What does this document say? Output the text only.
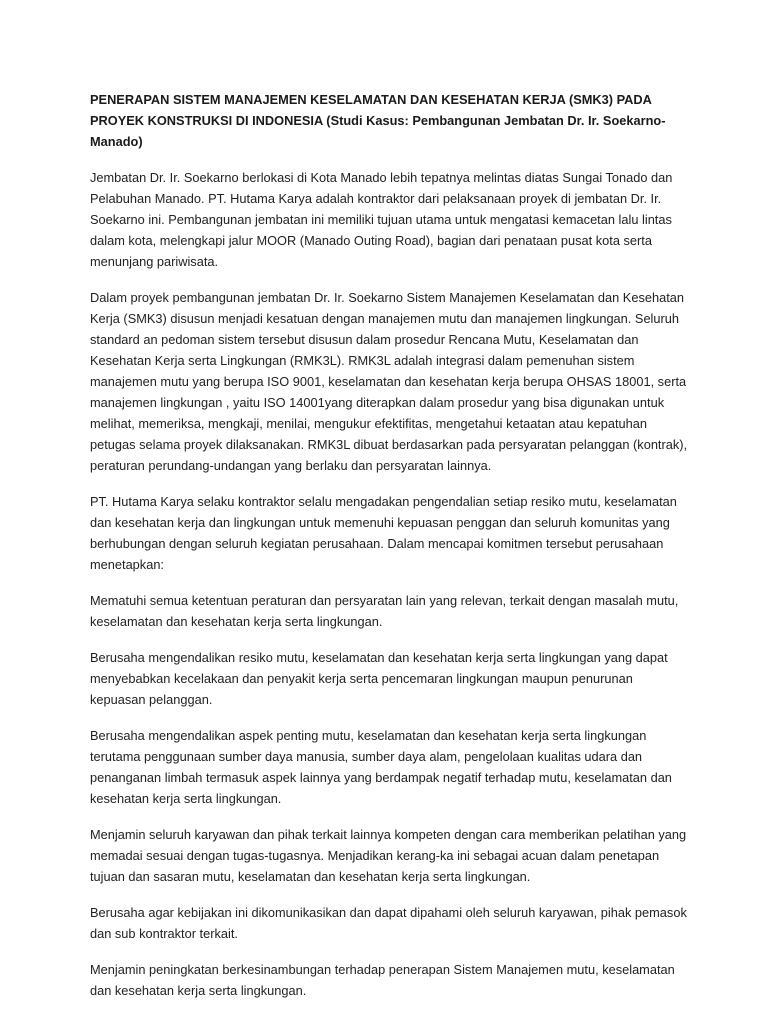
PENERAPAN SISTEM MANAJEMEN KESELAMATAN DAN KESEHATAN KERJA (SMK3) PADA PROYEK KONSTRUKSI DI INDONESIA (Studi Kasus: Pembangunan Jembatan Dr. Ir. Soekarno-Manado)

Jembatan Dr. Ir. Soekarno berlokasi di Kota Manado lebih tepatnya melintas diatas Sungai Tonado dan Pelabuhan Manado. PT. Hutama Karya adalah kontraktor dari pelaksanaan proyek di jembatan Dr. Ir. Soekarno ini. Pembangunan jembatan ini memiliki tujuan utama untuk mengatasi kemacetan lalu lintas dalam kota, melengkapi jalur MOOR (Manado Outing Road), bagian dari penataan pusat kota serta menunjang pariwisata.

Dalam proyek pembangunan jembatan Dr. Ir. Soekarno Sistem Manajemen Keselamatan dan Kesehatan Kerja (SMK3) disusun menjadi kesatuan dengan manajemen mutu dan manajemen lingkungan. Seluruh standard an pedoman sistem tersebut disusun dalam prosedur Rencana Mutu, Keselamatan dan Kesehatan Kerja serta Lingkungan (RMK3L). RMK3L adalah integrasi dalam pemenuhan sistem manajemen mutu yang berupa ISO 9001, keselamatan dan kesehatan kerja berupa OHSAS 18001, serta manajemen lingkungan , yaitu ISO 14001yang diterapkan dalam prosedur yang bisa digunakan untuk melihat, memeriksa, mengkaji, menilai, mengukur efektifitas, mengetahui ketaatan atau kepatuhan petugas selama proyek dilaksanakan. RMK3L dibuat berdasarkan pada persyaratan pelanggan (kontrak), peraturan perundang-undangan yang berlaku dan persyaratan lainnya.

PT. Hutama Karya selaku kontraktor selalu mengadakan pengendalian setiap resiko mutu, keselamatan dan kesehatan kerja dan lingkungan untuk memenuhi kepuasan penggan dan seluruh komunitas yang berhubungan dengan seluruh kegiatan perusahaan. Dalam mencapai komitmen tersebut perusahaan menetapkan:

Mematuhi semua ketentuan peraturan dan persyaratan lain yang relevan, terkait dengan masalah mutu, keselamatan dan kesehatan kerja serta lingkungan.

Berusaha mengendalikan resiko mutu, keselamatan dan kesehatan kerja serta lingkungan yang dapat menyebabkan kecelakaan dan penyakit kerja serta pencemaran lingkungan maupun penurunan kepuasan pelanggan.

Berusaha mengendalikan aspek penting mutu, keselamatan dan kesehatan kerja serta lingkungan terutama penggunaan sumber daya manusia, sumber daya alam, pengelolaan kualitas udara dan penanganan limbah termasuk aspek lainnya yang berdampak negatif terhadap mutu, keselamatan dan kesehatan kerja serta lingkungan.

Menjamin seluruh karyawan dan pihak terkait lainnya kompeten dengan cara memberikan pelatihan yang memadai sesuai dengan tugas-tugasnya. Menjadikan kerang-ka ini sebagai acuan dalam penetapan tujuan dan sasaran mutu, keselamatan dan kesehatan kerja serta lingkungan.

Berusaha agar kebijakan ini dikomunikasikan dan dapat dipahami oleh seluruh karyawan, pihak pemasok dan sub kontraktor terkait.

Menjamin peningkatan berkesinambungan terhadap penerapan Sistem Manajemen mutu, keselamatan dan kesehatan kerja serta lingkungan.
